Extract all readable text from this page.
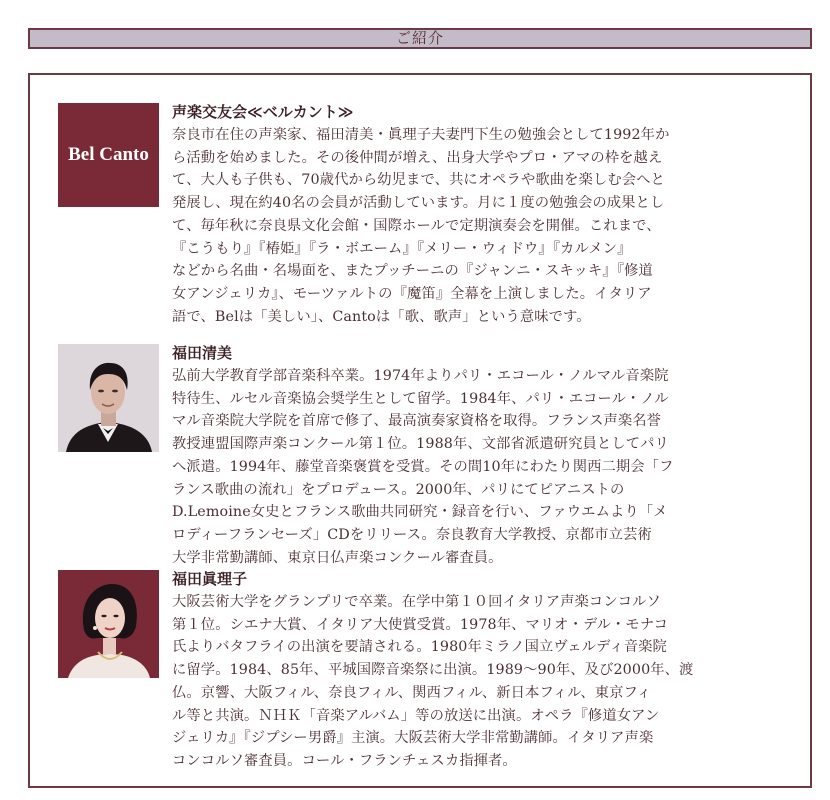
ご紹介
Bel Canto
声楽交友会≪ベルカント≫
奈良市在住の声楽家、福田清美・眞理子夫妻門下生の勉強会として1992年か
ら活動を始めました。その後仲間が増え、出身大学やプロ・アマの枠を越え
て、大人も子供も、70歳代から幼児まで、共にオペラや歌曲を楽しむ会へと
発展し、現在約40名の会員が活動しています。月に１度の勉強会の成果とし
て、毎年秋に奈良県文化会館・国際ホールで定期演奏会を開催。これまで、
『こうもり』『椿姫』『ラ・ボエーム』『メリー・ウィドウ』『カルメン』
などから名曲・名場面を、またプッチーニの『ジャンニ・スキッキ』『修道
女アンジェリカ』、モーツァルトの『魔笛』全幕を上演しました。イタリア
語で、Belは「美しい」、Cantoは「歌、歌声」という意味です。
福田清美
弘前大学教育学部音楽科卒業。1974年よりパリ・エコール・ノルマル音楽院
特待生、ルセル音楽協会奨学生として留学。1984年、パリ・エコール・ノル
マル音楽院大学院を首席で修了、最高演奏家資格を取得。フランス声楽名誉
教授連盟国際声楽コンクール第１位。1988年、文部省派遣研究員としてパリ
へ派遣。1994年、藤堂音楽褒賞を受賞。その間10年にわたり関西二期会「フ
ランス歌曲の流れ」をプロデュース。2000年、パリにてピアニストの
D.Lemoine女史とフランス歌曲共同研究・録音を行い、ファウエムより「メ
ロディーフランセーズ」CDをリリース。奈良教育大学教授、京都市立芸術
大学非常勤講師、東京日仏声楽コンクール審査員。
福田眞理子
大阪芸術大学をグランプリで卒業。在学中第１０回イタリア声楽コンコルソ
第１位。シエナ大賞、イタリア大使賞受賞。1978年、マリオ・デル・モナコ
氏よりバタフライの出演を要請される。1980年ミラノ国立ヴェルディ音楽院
に留学。1984、85年、平城国際音楽祭に出演。1989～90年、及び2000年、渡
仏。京響、大阪フィル、奈良フィル、関西フィル、新日本フィル、東京フィ
ル等と共演。ＮＨＫ「音楽アルバム」等の放送に出演。オペラ『修道女アン
ジェリカ』『ジプシー男爵』主演。大阪芸術大学非常勤講師。イタリア声楽
コンコルソ審査員。コール・フランチェスカ指揮者。
